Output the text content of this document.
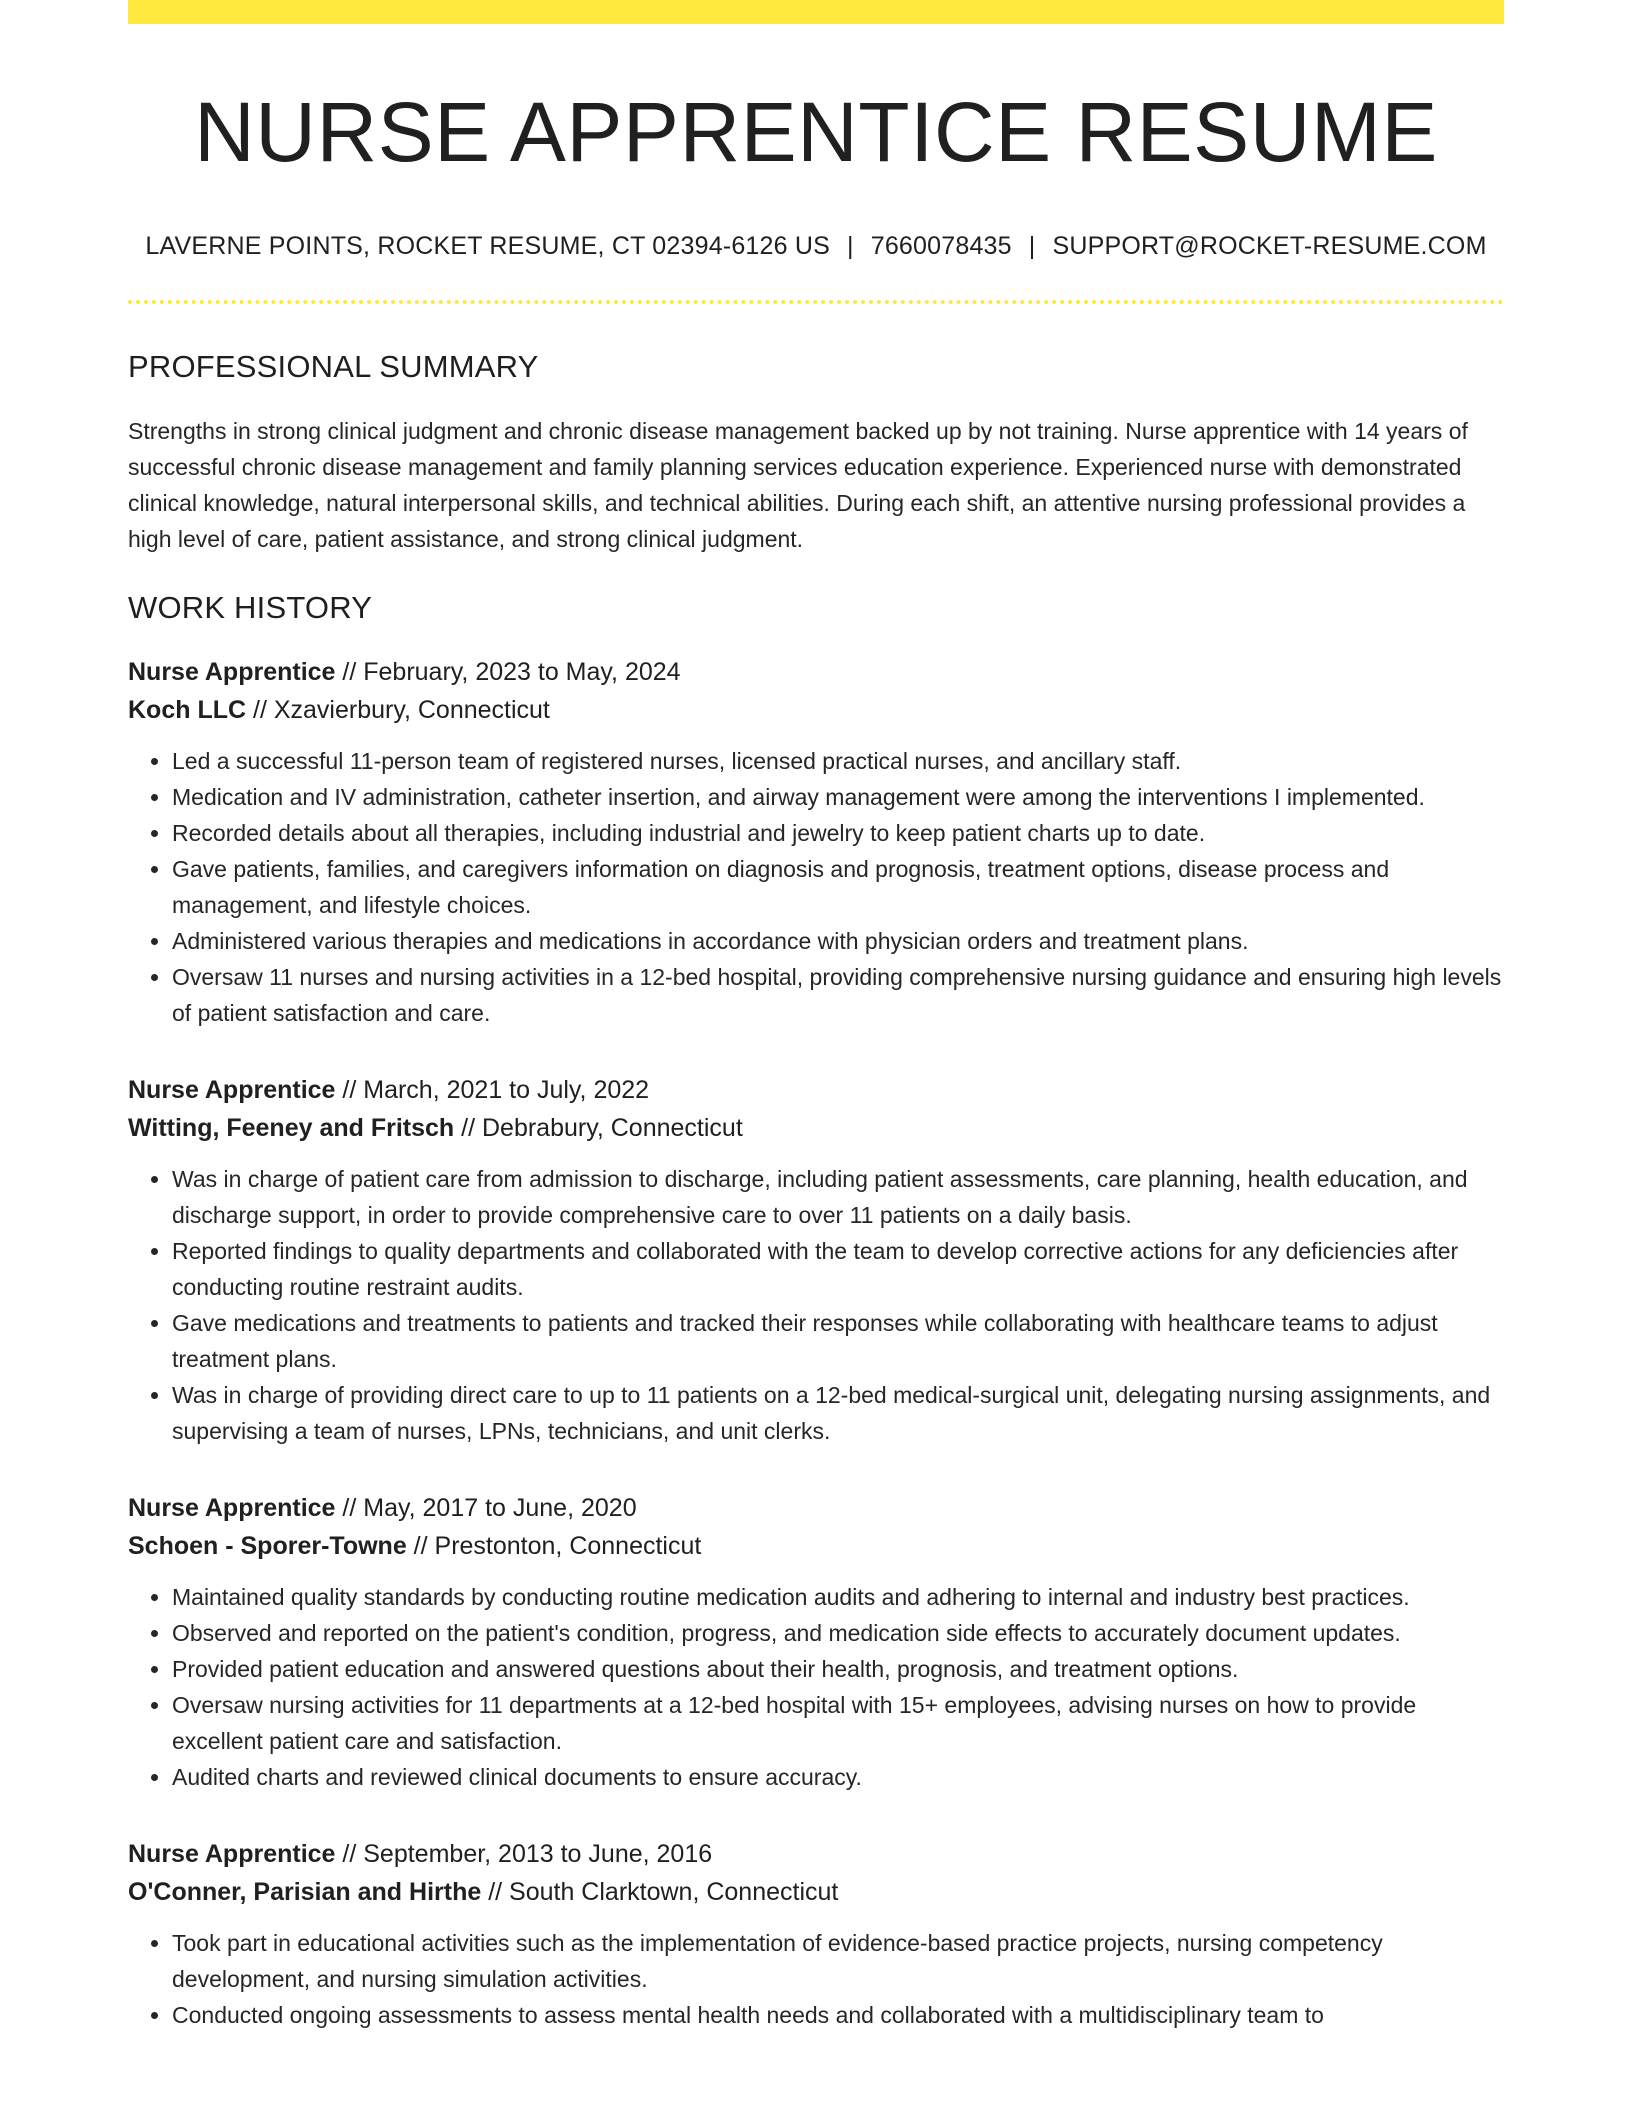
NURSE APPRENTICE RESUME
LAVERNE POINTS, ROCKET RESUME, CT 02394-6126 US | 7660078435 | SUPPORT@ROCKET-RESUME.COM
PROFESSIONAL SUMMARY

Strengths in strong clinical judgment and chronic disease management backed up by not training. Nurse apprentice with 14 years of successful chronic disease management and family planning services education experience. Experienced nurse with demonstrated clinical knowledge, natural interpersonal skills, and technical abilities. During each shift, an attentive nursing professional provides a high level of care, patient assistance, and strong clinical judgment.

WORK HISTORY
Nurse Apprentice // February, 2023 to May, 2024
Koch LLC // Xzavierbury, Connecticut
• Led a successful 11-person team of registered nurses, licensed practical nurses, and ancillary staff.
• Medication and IV administration, catheter insertion, and airway management were among the interventions I implemented.
• Recorded details about all therapies, including industrial and jewelry to keep patient charts up to date.
• Gave patients, families, and caregivers information on diagnosis and prognosis, treatment options, disease process and management, and lifestyle choices.
• Administered various therapies and medications in accordance with physician orders and treatment plans.
• Oversaw 11 nurses and nursing activities in a 12-bed hospital, providing comprehensive nursing guidance and ensuring high levels of patient satisfaction and care.
Nurse Apprentice // March, 2021 to July, 2022
Witting, Feeney and Fritsch // Debrabury, Connecticut
• Was in charge of patient care from admission to discharge, including patient assessments, care planning, health education, and discharge support, in order to provide comprehensive care to over 11 patients on a daily basis.
• Reported findings to quality departments and collaborated with the team to develop corrective actions for any deficiencies after conducting routine restraint audits.
• Gave medications and treatments to patients and tracked their responses while collaborating with healthcare teams to adjust treatment plans.
• Was in charge of providing direct care to up to 11 patients on a 12-bed medical-surgical unit, delegating nursing assignments, and supervising a team of nurses, LPNs, technicians, and unit clerks.
Nurse Apprentice // May, 2017 to June, 2020
Schoen - Sporer-Towne // Prestonton, Connecticut
• Maintained quality standards by conducting routine medication audits and adhering to internal and industry best practices.
• Observed and reported on the patient's condition, progress, and medication side effects to accurately document updates.
• Provided patient education and answered questions about their health, prognosis, and treatment options.
• Oversaw nursing activities for 11 departments at a 12-bed hospital with 15+ employees, advising nurses on how to provide excellent patient care and satisfaction.
• Audited charts and reviewed clinical documents to ensure accuracy.
Nurse Apprentice // September, 2013 to June, 2016
O'Conner, Parisian and Hirthe // South Clarktown, Connecticut
• Took part in educational activities such as the implementation of evidence-based practice projects, nursing competency development, and nursing simulation activities.
• Conducted ongoing assessments to assess mental health needs and collaborated with a multidisciplinary team to
